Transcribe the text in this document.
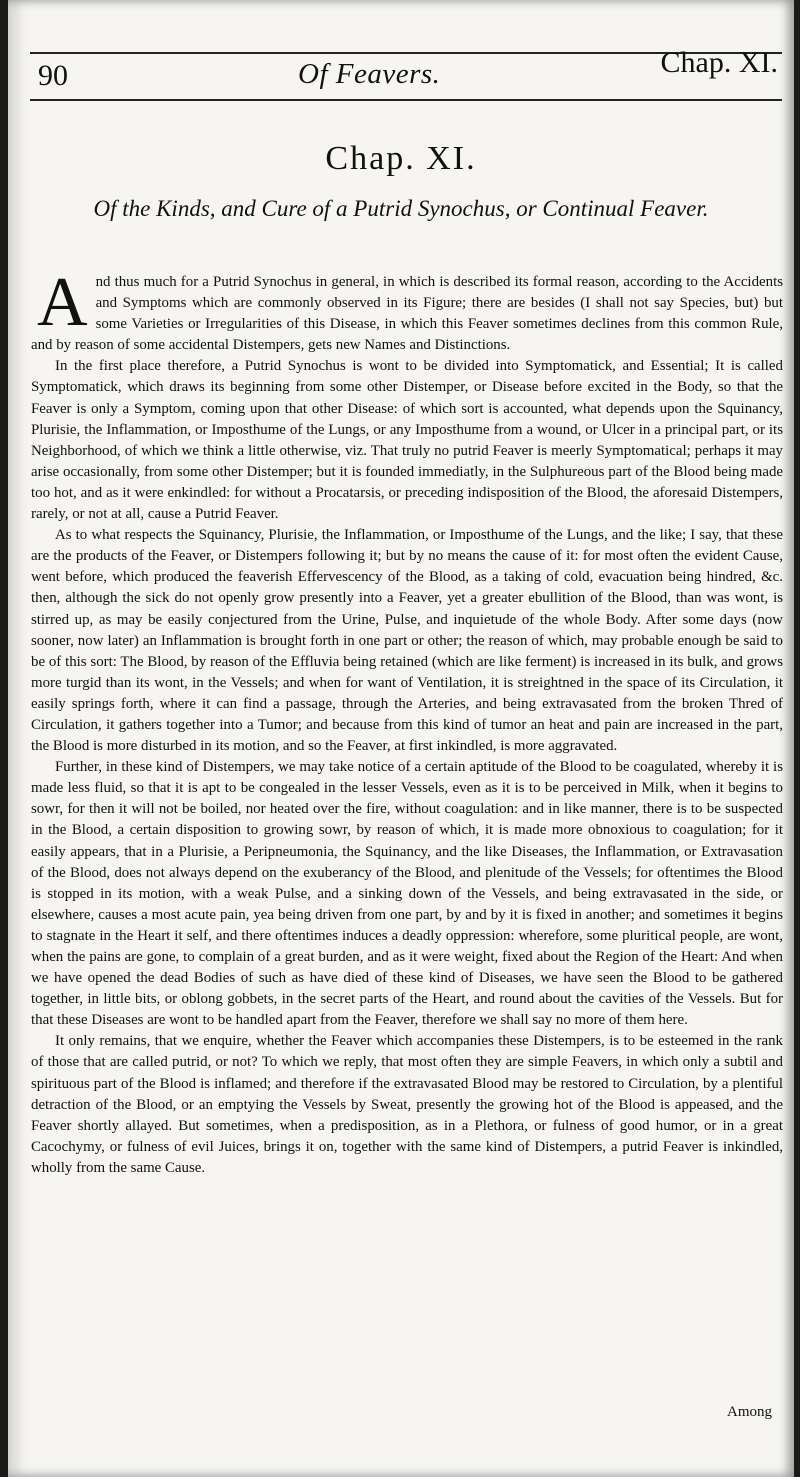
90	Of Feavers.	Chap. XI.
Chap. XI.
Of the Kinds, and Cure of a Putrid Synochus, or Continual Feaver.

And thus much for a Putrid Synochus in general, in which is described its formal reason, according to the Accidents and Symptoms which are commonly observed in its Figure; there are besides (I shall not say Species, but) but some Varieties or Irregularities of this Disease, in which this Feaver sometimes declines from this common Rule, and by reason of some accidental Distempers, gets new Names and Distinctions.

In the first place therefore, a Putrid Synochus is wont to be divided into Symptomatick, and Essential; It is called Symptomatick, which draws its beginning from some other Distemper, or Disease before excited in the Body, so that the Feaver is only a Symptom, coming upon that other Disease: of which sort is accounted, what depends upon the Squinancy, Plurisie, the Inflammation, or Imposthume of the Lungs, or any Imposthume from a wound, or Ulcer in a principal part, or its Neighborhood, of which we think a little otherwise, viz. That truly no putrid Feaver is meerly Symptomatical; perhaps it may arise occasionally, from some other Distemper; but it is founded immediatly, in the Sulphureous part of the Blood being made too hot, and as it were enkindled: for without a Procatarsis, or preceding indisposition of the Blood, the aforesaid Distempers, rarely, or not at all, cause a Putrid Feaver.

As to what respects the Squinancy, Plurisie, the Inflammation, or Imposthume of the Lungs, and the like; I say, that these are the products of the Feaver, or Distempers following it; but by no means the cause of it: for most often the evident Cause, went before, which produced the feaverish Effervescency of the Blood, as a taking of cold, evacuation being hindred, &c. then, although the sick do not openly grow presently into a Feaver, yet a greater ebullition of the Blood, than was wont, is stirred up, as may be easily conjectured from the Urine, Pulse, and inquietude of the whole Body. After some days (now sooner, now later) an Inflammation is brought forth in one part or other; the reason of which, may probable enough be said to be of this sort: The Blood, by reason of the Effluvia being retained (which are like ferment) is increased in its bulk, and grows more turgid than its wont, in the Vessels; and when for want of Ventilation, it is streightned in the space of its Circulation, it easily springs forth, where it can find a passage, through the Arteries, and being extravasated from the broken Thred of Circulation, it gathers together into a Tumor; and because from this kind of tumor an heat and pain are increased in the part, the Blood is more disturbed in its motion, and so the Feaver, at first inkindled, is more aggravated.

Further, in these kind of Distempers, we may take notice of a certain aptitude of the Blood to be coagulated, whereby it is made less fluid, so that it is apt to be congealed in the lesser Vessels, even as it is to be perceived in Milk, when it begins to sowr, for then it will not be boiled, nor heated over the fire, without coagulation: and in like manner, there is to be suspected in the Blood, a certain disposition to growing sowr, by reason of which, it is made more obnoxious to coagulation; for it easily appears, that in a Plurisie, a Peripneumonia, the Squinancy, and the like Diseases, the Inflammation, or Extravasation of the Blood, does not always depend on the exuberancy of the Blood, and plenitude of the Vessels; for oftentimes the Blood is stopped in its motion, with a weak Pulse, and a sinking down of the Vessels, and being extravasated in the side, or elsewhere, causes a most acute pain, yea being driven from one part, by and by it is fixed in another; and sometimes it begins to stagnate in the Heart it self, and there oftentimes induces a deadly oppression: wherefore, some pluritical people, are wont, when the pains are gone, to complain of a great burden, and as it were weight, fixed about the Region of the Heart: And when we have opened the dead Bodies of such as have died of these kind of Diseases, we have seen the Blood to be gathered together, in little bits, or oblong gobbets, in the secret parts of the Heart, and round about the cavities of the Vessels. But for that these Diseases are wont to be handled apart from the Feaver, therefore we shall say no more of them here.

It only remains, that we enquire, whether the Feaver which accompanies these Distempers, is to be esteemed in the rank of those that are called putrid, or not? To which we reply, that most often they are simple Feavers, in which only a subtil and spirituous part of the Blood is inflamed; and therefore if the extravasated Blood may be restored to Circulation, by a plentiful detraction of the Blood, or an emptying the Vessels by Sweat, presently the growing hot of the Blood is appeased, and the Feaver shortly allayed. But sometimes, when a predisposition, as in a Plethora, or fulness of good humor, or in a great Cacochymy, or fulness of evil Juices, brings it on, together with the same kind of Distempers, a putrid Feaver is inkindled, wholly from the same Cause.

Among
